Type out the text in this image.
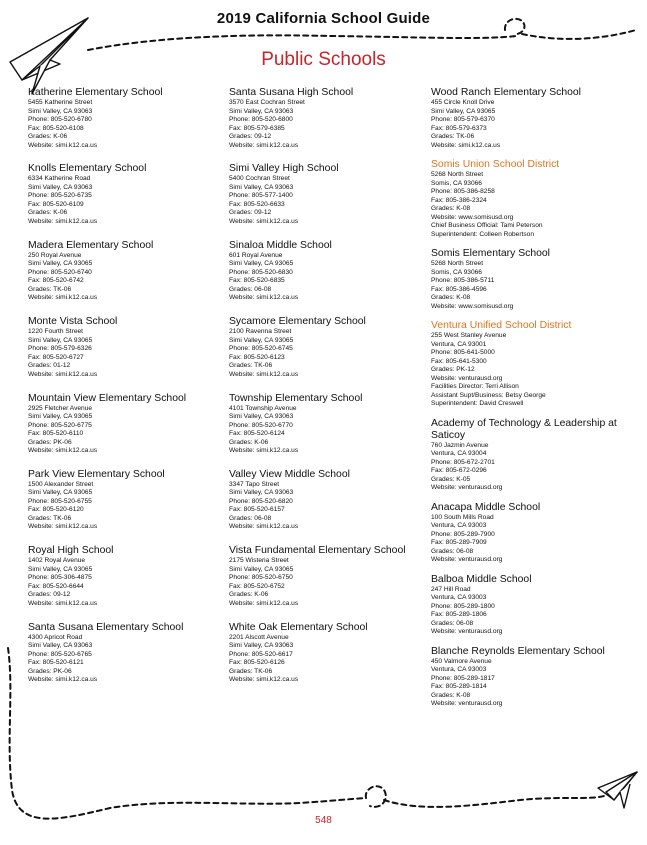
2019 California School Guide
Public Schools
Katherine Elementary School
5455 Katherine Street
Simi Valley, CA 93063
Phone: 805-520-6780
Fax: 805-520-6108
Grades: K-06
Website: simi.k12.ca.us
Knolls Elementary School
6334 Katherine Road
Simi Valley, CA 93063
Phone: 805-520-6735
Fax: 805-520-6109
Grades: K-06
Website: simi.k12.ca.us
Madera Elementary School
250 Royal Avenue
Simi Valley, CA 93065
Phone: 805-520-6740
Fax: 805-520-6742
Grades: TK-06
Website: simi.k12.ca.us
Monte Vista School
1220 Fourth Street
Simi Valley, CA 93065
Phone: 805-579-6326
Fax: 805-520-6727
Grades: 01-12
Website: simi.k12.ca.us
Mountain View Elementary School
2925 Fletcher Avenue
Simi Valley, CA 93065
Phone: 805-520-6775
Fax: 805-520-6110
Grades: PK-06
Website: simi.k12.ca.us
Park View Elementary School
1500 Alexander Street
Simi Valley, CA 93065
Phone: 805-520-6755
Fax: 805-520-6120
Grades: TK-06
Website: simi.k12.ca.us
Royal High School
1402 Royal Avenue
Simi Valley, CA 93065
Phone: 805-306-4875
Fax: 805-520-6644
Grades: 09-12
Website: simi.k12.ca.us
Santa Susana Elementary School
4300 Apricot Road
Simi Valley, CA 93063
Phone: 805-520-6765
Fax: 805-520-6121
Grades: PK-06
Website: simi.k12.ca.us
Santa Susana High School
3570 East Cochran Street
Simi Valley, CA 93063
Phone: 805-520-6800
Fax: 805-579-6385
Grades: 09-12
Website: simi.k12.ca.us
Simi Valley High School
5400 Cochran Street
Simi Valley, CA 93063
Phone: 805-577-1400
Fax: 805-520-6633
Grades: 09-12
Website: simi.k12.ca.us
Sinaloa Middle School
601 Royal Avenue
Simi Valley, CA 93065
Phone: 805-520-6830
Fax: 805-520-6835
Grades: 06-08
Website: simi.k12.ca.us
Sycamore Elementary School
2100 Ravenna Street
Simi Valley, CA 93065
Phone: 805-520-6745
Fax: 805-520-6123
Grades: TK-06
Website: simi.k12.ca.us
Township Elementary School
4101 Township Avenue
Simi Valley, CA 93063
Phone: 805-520-6770
Fax: 805-520-6124
Grades: K-06
Website: simi.k12.ca.us
Valley View Middle School
3347 Tapo Street
Simi Valley, CA 93063
Phone: 805-520-6820
Fax: 805-520-6157
Grades: 06-08
Website: simi.k12.ca.us
Vista Fundamental Elementary School
2175 Wisteria Street
Simi Valley, CA 93065
Phone: 805-520-6750
Fax: 805-520-6752
Grades: K-06
Website: simi.k12.ca.us
White Oak Elementary School
2201 Alscott Avenue
Simi Valley, CA 93063
Phone: 805-520-6617
Fax: 805-520-6126
Grades: TK-06
Website: simi.k12.ca.us
Wood Ranch Elementary School
455 Circle Knoll Drive
Simi Valley, CA 93065
Phone: 805-579-6370
Fax: 805-579-6373
Grades: TK-06
Website: simi.k12.ca.us
Somis Union School District
5268 North Street
Somis, CA 93066
Phone: 805-386-8258
Fax: 805-386-2324
Grades: K-08
Website: www.somisusd.org
Chief Business Official: Tami Peterson
Superintendent: Colleen Robertson
Somis Elementary School
5268 North Street
Somis, CA 93066
Phone: 805-386-5711
Fax: 805-386-4596
Grades: K-08
Website: www.somisusd.org
Ventura Unified School District
255 West Stanley Avenue
Ventura, CA 93001
Phone: 805-641-5000
Fax: 805-641-5300
Grades: PK-12
Website: venturausd.org
Facilities Director: Terri Allison
Assistant Supt/Business: Betsy George
Superintendent: David Creswell
Academy of Technology & Leadership at Saticoy
760 Jazmin Avenue
Ventura, CA 93004
Phone: 805-672-2701
Fax: 805-672-0296
Grades: K-05
Website: venturausd.org
Anacapa Middle School
100 South Mills Road
Ventura, CA 93003
Phone: 805-289-7900
Fax: 805-289-7909
Grades: 06-08
Website: venturausd.org
Balboa Middle School
247 Hill Road
Ventura, CA 93003
Phone: 805-289-1800
Fax: 805-289-1806
Grades: 06-08
Website: venturausd.org
Blanche Reynolds Elementary School
450 Valmore Avenue
Ventura, CA 93003
Phone: 805-289-1817
Fax: 805-289-1814
Grades: K-08
Website: venturausd.org
548
